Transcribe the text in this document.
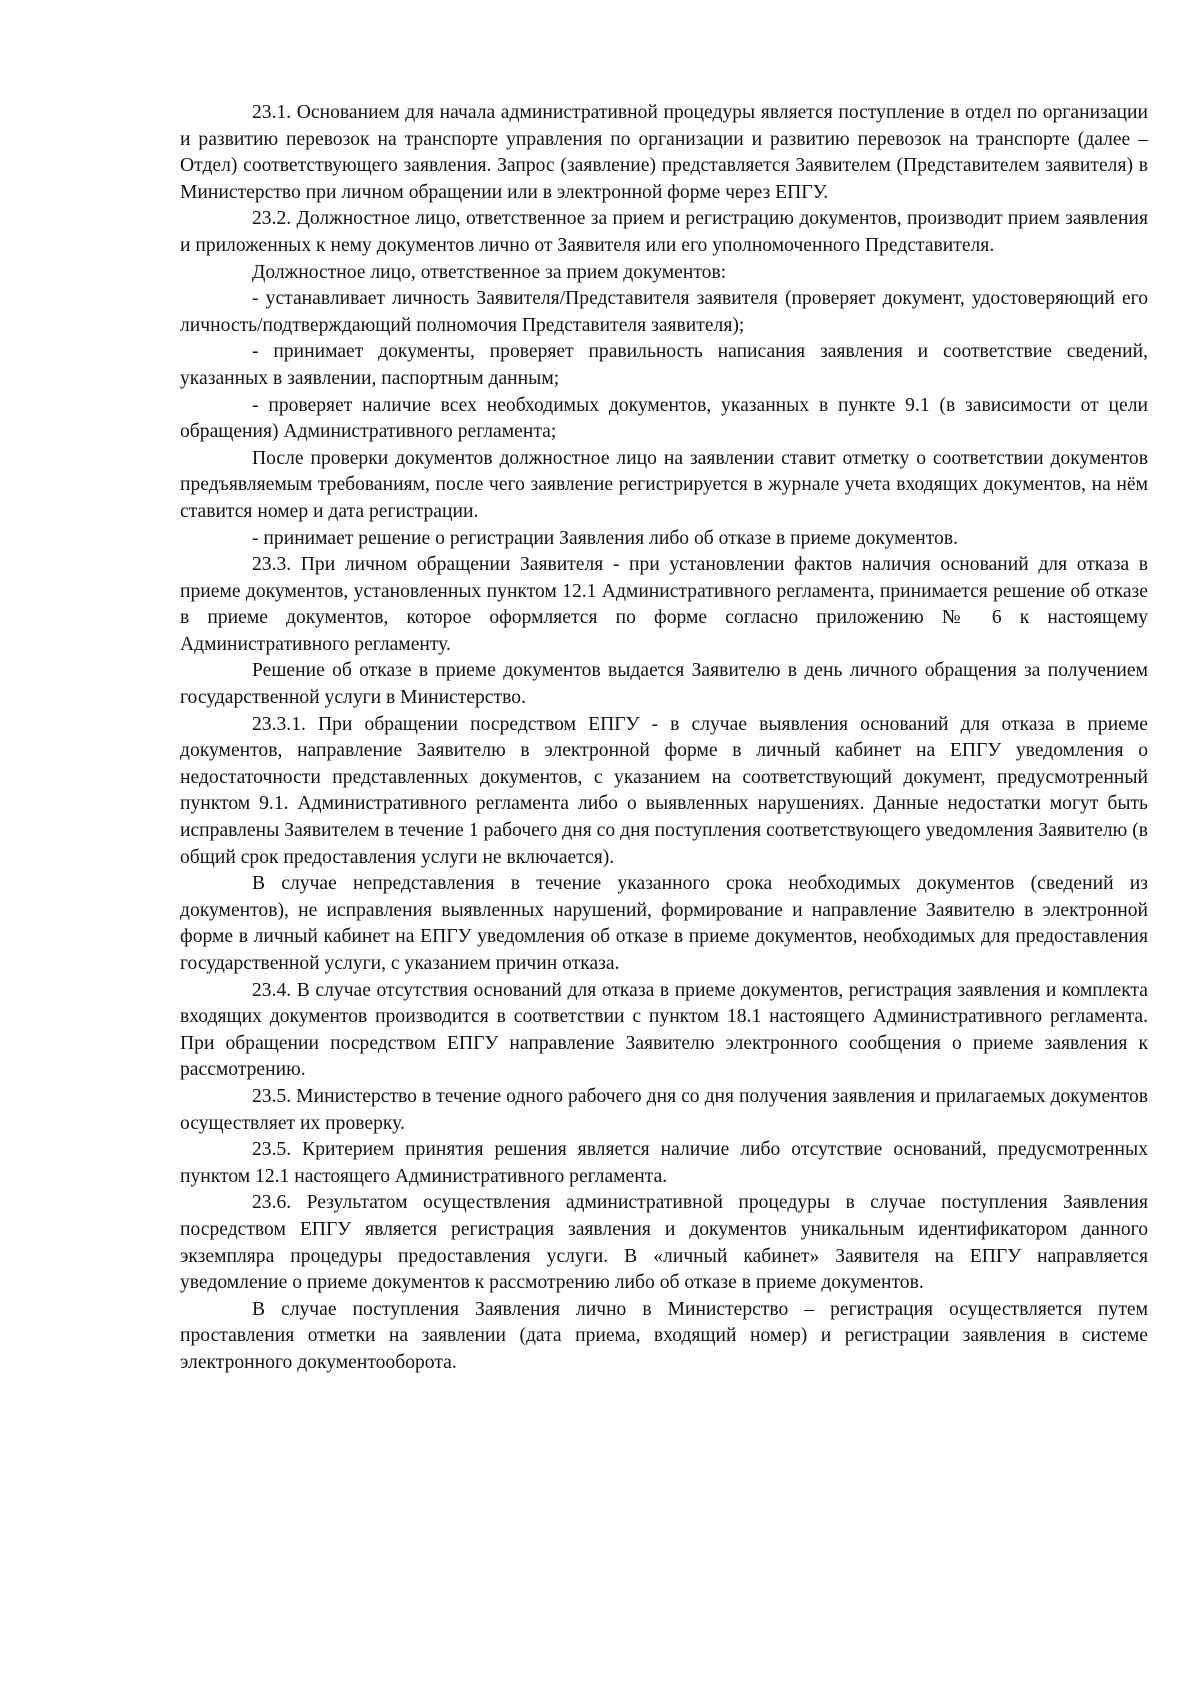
23.1. Основанием для начала административной процедуры является поступление в отдел по организации и развитию перевозок на транспорте управления по организации и развитию перевозок на транспорте (далее – Отдел) соответствующего заявления. Запрос (заявление) представляется Заявителем (Представителем заявителя) в Министерство при личном обращении или в электронной форме через ЕПГУ.

23.2. Должностное лицо, ответственное за прием и регистрацию документов, производит прием заявления и приложенных к нему документов лично от Заявителя или его уполномоченного Представителя.

Должностное лицо, ответственное за прием документов:

- устанавливает личность Заявителя/Представителя заявителя (проверяет документ, удостоверяющий его личность/подтверждающий полномочия Представителя заявителя);

- принимает документы, проверяет правильность написания заявления и соответствие сведений, указанных в заявлении, паспортным данным;

- проверяет наличие всех необходимых документов, указанных в пункте 9.1 (в зависимости от цели обращения) Административного регламента;

После проверки документов должностное лицо на заявлении ставит отметку о соответствии документов предъявляемым требованиям, после чего заявление регистрируется в журнале учета входящих документов, на нём ставится номер и дата регистрации.

- принимает решение о регистрации Заявления либо об отказе в приеме документов.

23.3. При личном обращении Заявителя - при установлении фактов наличия оснований для отказа в приеме документов, установленных пунктом 12.1 Административного регламента, принимается решение об отказе в приеме документов, которое оформляется по форме согласно приложению № 6 к настоящему Административного регламенту.

Решение об отказе в приеме документов выдается Заявителю в день личного обращения за получением государственной услуги в Министерство.

23.3.1. При обращении посредством ЕПГУ - в случае выявления оснований для отказа в приеме документов, направление Заявителю в электронной форме в личный кабинет на ЕПГУ уведомления о недостаточности представленных документов, с указанием на соответствующий документ, предусмотренный пунктом 9.1. Административного регламента либо о выявленных нарушениях. Данные недостатки могут быть исправлены Заявителем в течение 1 рабочего дня со дня поступления соответствующего уведомления Заявителю (в общий срок предоставления услуги не включается).

В случае непредставления в течение указанного срока необходимых документов (сведений из документов), не исправления выявленных нарушений, формирование и направление Заявителю в электронной форме в личный кабинет на ЕПГУ уведомления об отказе в приеме документов, необходимых для предоставления государственной услуги, с указанием причин отказа.

23.4. В случае отсутствия оснований для отказа в приеме документов, регистрация заявления и комплекта входящих документов производится в соответствии с пунктом 18.1 настоящего Административного регламента. При обращении посредством ЕПГУ направление Заявителю электронного сообщения о приеме заявления к рассмотрению.

23.5. Министерство в течение одного рабочего дня со дня получения заявления и прилагаемых документов осуществляет их проверку.

23.5. Критерием принятия решения является наличие либо отсутствие оснований, предусмотренных пунктом 12.1 настоящего Административного регламента.

23.6. Результатом осуществления административной процедуры в случае поступления Заявления посредством ЕПГУ является регистрация заявления и документов уникальным идентификатором данного экземпляра процедуры предоставления услуги. В «личный кабинет» Заявителя на ЕПГУ направляется уведомление о приеме документов к рассмотрению либо об отказе в приеме документов.

В случае поступления Заявления лично в Министерство – регистрация осуществляется путем проставления отметки на заявлении (дата приема, входящий номер) и регистрации заявления в системе электронного документооборота.
